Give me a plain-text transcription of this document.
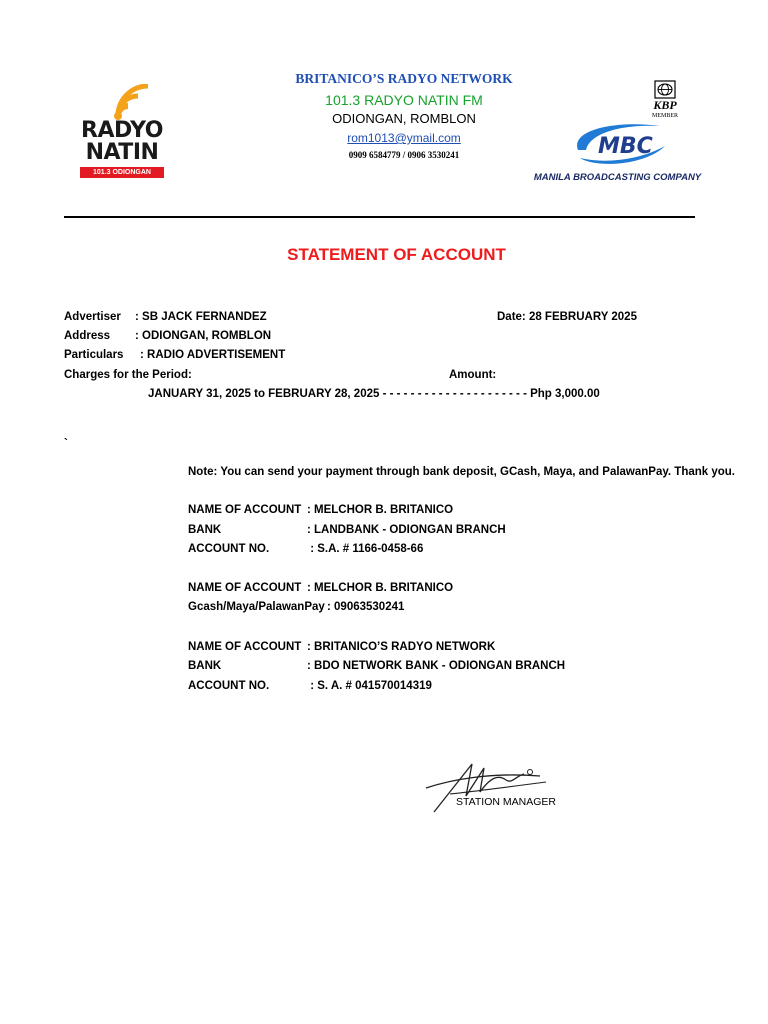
RADYO
NATIN
101.3 ODIONGAN
KBP
MEMBER
MBC
MANILA BROADCASTING COMPANY
BRITANICO’S RADYO NETWORK
101.3 RADYO NATIN FM
ODIONGAN, ROMBLON
rom1013@ymail.com
0909 6584779 / 0906 3530241
STATEMENT OF ACCOUNT
Advertiser : SB JACK FERNANDEZ	Date: 28 FEBRUARY 2025
Address : ODIONGAN, ROMBLON
Particulars : RADIO ADVERTISEMENT
Charges for the Period:	Amount:
JANUARY 31, 2025 to FEBRUARY 28, 2025 - - - - - - - - - - - - - - - - - - - - - Php 3,000.00
`
Note: You can send your payment through bank deposit, GCash, Maya, and PalawanPay. Thank you.
NAME OF ACCOUNT : MELCHOR B. BRITANICO
BANK	: LANDBANK - ODIONGAN BRANCH
ACCOUNT NO.	: S.A. # 1166-0458-66
NAME OF ACCOUNT : MELCHOR B. BRITANICO
Gcash/Maya/PalawanPay : 09063530241
NAME OF ACCOUNT : BRITANICO’S RADYO NETWORK
BANK	: BDO NETWORK BANK - ODIONGAN BRANCH
ACCOUNT NO.	: S. A. # 041570014319
STATION MANAGER
